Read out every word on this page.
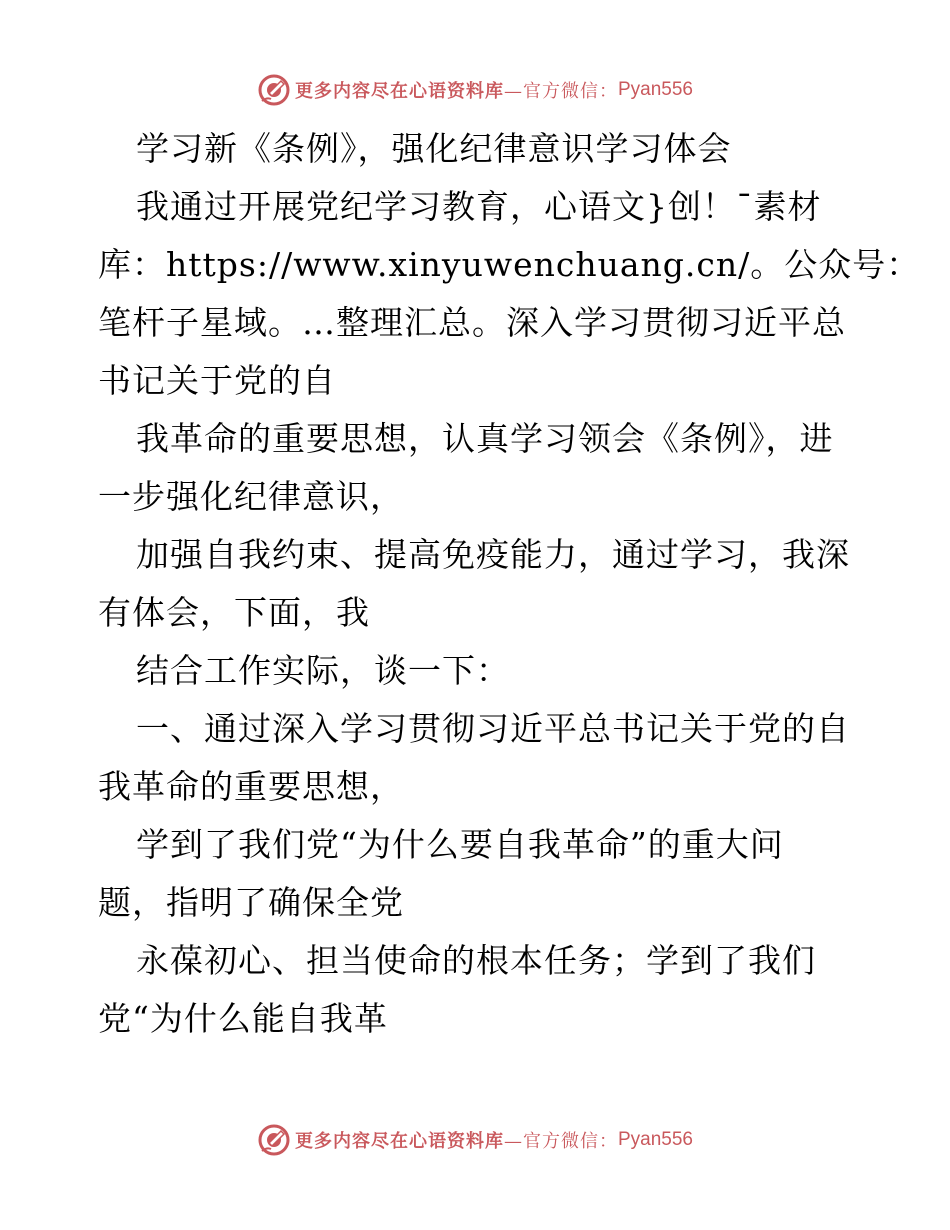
更多内容尽在心语资料库 —官方微信： Pyan556

学习新《条例》，强化纪律意识学习体会

我通过开展党纪学习教育，心语文}创！¯素材

库：https://www.xinyuwenchuang.cn/。公众号：

笔杆子星域。…整理汇总。深入学习贯彻习近平总

书记关于党的自

我革命的重要思想，认真学习领会《条例》，进

一步强化纪律意识，

加强自我约束、提高免疫能力，通过学习，我深

有体会，下面，我

结合工作实际，谈一下：

一、通过深入学习贯彻习近平总书记关于党的自

我革命的重要思想，

学到了我们党“为什么要自我革命”的重大问

题，指明了确保全党

永葆初心、担当使命的根本任务；学到了我们

党“为什么能自我革

更多内容尽在心语资料库 —官方微信： Pyan556
